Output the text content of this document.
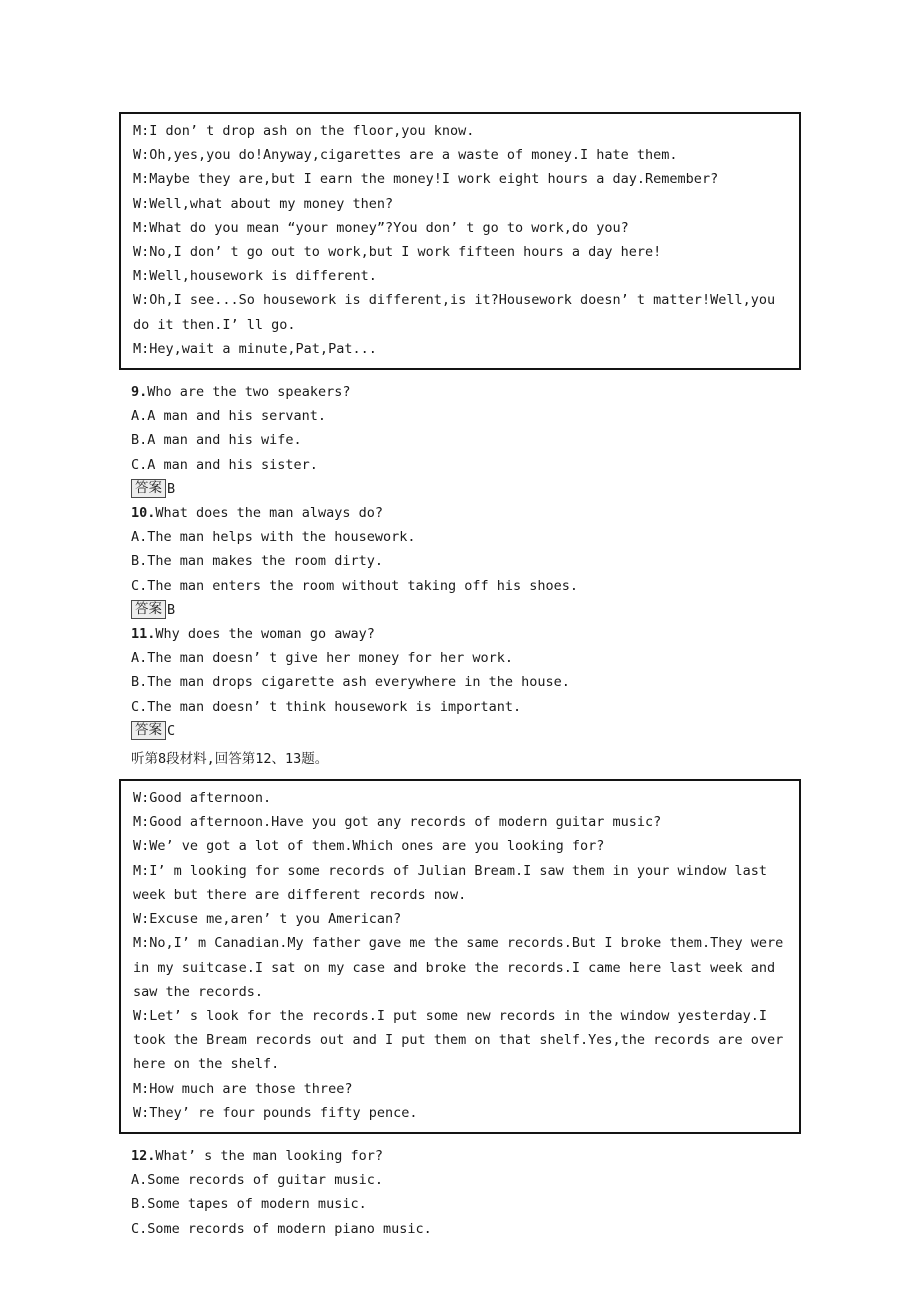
M:I don’ t drop ash on the floor,you know.

W:Oh,yes,you do!Anyway,cigarettes are a waste of money.I hate them.

M:Maybe they are,but I earn the money!I work eight hours a day.Remember?

W:Well,what about my money then?

M:What do you mean “your money”?You don’ t go to work,do you?

W:No,I don’ t go out to work,but I work fifteen hours a day here!

M:Well,housework is different.

W:Oh,I see...So housework is different,is it?Housework doesn’ t matter!Well,you do it then.I’ ll go.

M:Hey,wait a minute,Pat,Pat...

9.Who are the two speakers?

A.A man and his servant.

B.A man and his wife.

C.A man and his sister.

答案 B

10.What does the man always do?

A.The man helps with the housework.

B.The man makes the room dirty.

C.The man enters the room without taking off his shoes.

答案 B

11.Why does the woman go away?

A.The man doesn’ t give her money for her work.

B.The man drops cigarette ash everywhere in the house.

C.The man doesn’ t think housework is important.

答案 C

听第8段材料,回答第12、13题。

W:Good afternoon.

M:Good afternoon.Have you got any records of modern guitar music?

W:We’ ve got a lot of them.Which ones are you looking for?

M:I’ m looking for some records of Julian Bream.I saw them in your window last week but there are different records now.

W:Excuse me,aren’ t you American?

M:No,I’ m Canadian.My father gave me the same records.But I broke them.They were in my suitcase.I sat on my case and broke the records.I came here last week and saw the records.

W:Let’ s look for the records.I put some new records in the window yesterday.I took the Bream records out and I put them on that shelf.Yes,the records are over here on the shelf.

M:How much are those three?

W:They’ re four pounds fifty pence.

12.What’ s the man looking for?

A.Some records of guitar music.

B.Some tapes of modern music.

C.Some records of modern piano music.
